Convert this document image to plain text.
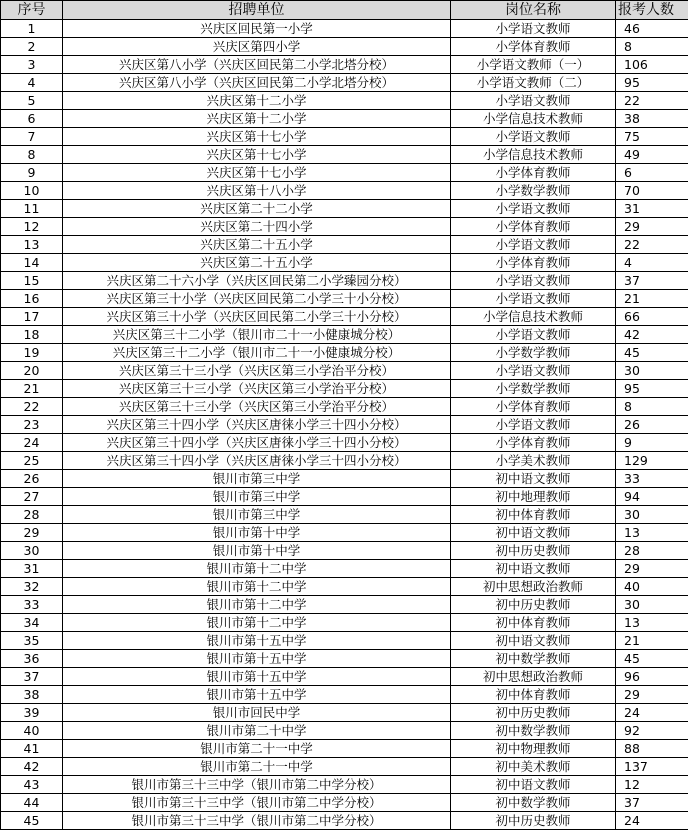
序号	招聘单位	岗位名称	报考人数
1	兴庆区回民第一小学	小学语文教师	46
2	兴庆区第四小学	小学体育教师	8
3	兴庆区第八小学（兴庆区回民第二小学北塔分校）	小学语文教师（一）	106
4	兴庆区第八小学（兴庆区回民第二小学北塔分校）	小学语文教师（二）	95
5	兴庆区第十二小学	小学语文教师	22
6	兴庆区第十二小学	小学信息技术教师	38
7	兴庆区第十七小学	小学语文教师	75
8	兴庆区第十七小学	小学信息技术教师	49
9	兴庆区第十七小学	小学体育教师	6
10	兴庆区第十八小学	小学数学教师	70
11	兴庆区第二十二小学	小学语文教师	31
12	兴庆区第二十四小学	小学体育教师	29
13	兴庆区第二十五小学	小学语文教师	22
14	兴庆区第二十五小学	小学体育教师	4
15	兴庆区第二十六小学（兴庆区回民第二小学臻园分校）	小学语文教师	37
16	兴庆区第三十小学（兴庆区回民第二小学三十小分校）	小学语文教师	21
17	兴庆区第三十小学（兴庆区回民第二小学三十小分校）	小学信息技术教师	66
18	兴庆区第三十二小学（银川市二十一小健康城分校）	小学语文教师	42
19	兴庆区第三十二小学（银川市二十一小健康城分校）	小学数学教师	45
20	兴庆区第三十三小学（兴庆区第三小学治平分校）	小学语文教师	30
21	兴庆区第三十三小学（兴庆区第三小学治平分校）	小学数学教师	95
22	兴庆区第三十三小学（兴庆区第三小学治平分校）	小学体育教师	8
23	兴庆区第三十四小学（兴庆区唐徕小学三十四小分校）	小学语文教师	26
24	兴庆区第三十四小学（兴庆区唐徕小学三十四小分校）	小学体育教师	9
25	兴庆区第三十四小学（兴庆区唐徕小学三十四小分校）	小学美术教师	129
26	银川市第三中学	初中语文教师	33
27	银川市第三中学	初中地理教师	94
28	银川市第三中学	初中体育教师	30
29	银川市第十中学	初中语文教师	13
30	银川市第十中学	初中历史教师	28
31	银川市第十二中学	初中语文教师	29
32	银川市第十二中学	初中思想政治教师	40
33	银川市第十二中学	初中历史教师	30
34	银川市第十二中学	初中体育教师	13
35	银川市第十五中学	初中语文教师	21
36	银川市第十五中学	初中数学教师	45
37	银川市第十五中学	初中思想政治教师	96
38	银川市第十五中学	初中体育教师	29
39	银川市回民中学	初中历史教师	24
40	银川市第二十中学	初中数学教师	92
41	银川市第二十一中学	初中物理教师	88
42	银川市第二十一中学	初中美术教师	137
43	银川市第三十三中学（银川市第二中学分校）	初中语文教师	12
44	银川市第三十三中学（银川市第二中学分校）	初中数学教师	37
45	银川市第三十三中学（银川市第二中学分校）	初中历史教师	24
